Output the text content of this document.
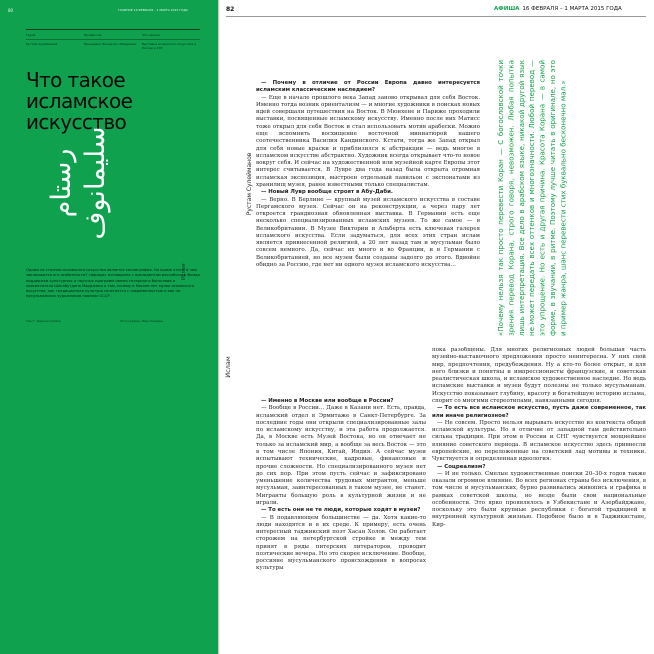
80	ГЛАВНОЕ 16 ФЕВРАЛЯ – 1 МАРТА 2015 ГОДА
Герой	Профессия	Что сделал
Рустам Сулейманов	Президент Фонда им. Марджани	Выставка исламского искусства в России и СНГ
Что такое
исламское
искусство
رستام سليمانوف
Ислам

Одним из столпов исламского искусства является каллиграфия. Но кроме этого, в чем заключаются его особенности? «Афиша» поговорила с президентом российского Фонда поддержки культурных и научных программ имени татарского богослова и просветителя Шигабутдина Марджани о том, почему в Москве нет музея исламского искусства, как традиционная культура сочетается с современностью и как на мусульманских художников повлиял СССР.

Текст: Дарина Грибин	Фотографии: Иван Кайдаш
82	АФИША 16 ФЕВРАЛЯ – 1 МАРТА 2015 ГОДА
Рустам Сулейманов
Ислам

— Почему в отличие от России Европа давно интересуется исламским классическим наследием?

— Еще в начале прошлого века Запад заново открывал для себя Восток. Именно тогда возник ориентализм — и многие художники в поисках новых идей совершали путешествия на Восток. В Мюнхене и Париже проходили выставки, посвященные исламскому искусству. Именно после них Матисс тоже открыл для себя Восток и стал использовать мотив арабески. Можно еще вспомнить восхищение восточной миниатюрой нашего соотечественника Василия Кандинского. Кстати, тогда же Запад открыл для себя новые краски и приблизился к абстракции — ведь многое в исламском искусстве абстрактно. Художник всегда открывает что-то новое вокруг себя. И сейчас на художественной или музейной карте Европы этот интерес считывается. В Лувре два года назад была открыта огромная исламская экспозиция, выстроен отдельный павильон с экспонатами из хранилищ музея, ранее известными только специалистам.

— Новый Лувр вообще строят в Абу-Даби.

— Верно. В Берлине — крупный музей исламского искусства в составе Пергамского музея. Сейчас он на реконструкции, а через пару лет откроется грандиозная обновленная выставка. В Германии есть еще несколько специализированных исламских музеев. То же самое — в Великобритании. В Музее Виктории и Альберта есть ключевая галерея исламского искусства. Если задуматься, для всех этих стран ислам является привнесенной религией, а 20 лет назад там и мусульман было совсем немного. Да, сейчас их много и во Франции, и в Германии с Великобританией, но все музеи были созданы задолго до этого. Вдвойне обидно за Россию, где нет ни одного музея исламского искусства…

— Именно в Москве или вообще в России?

— Вообще в России… Даже в Казани нет. Есть, правда, исламский отдел в Эрмитаже в Санкт-Петербурге. За последние годы они открыли специализированные залы по исламскому искусству, и эта работа продолжается. Да, в Москве есть Музей Востока, но он отвечает не только за исламский мир, а вообще за весь Восток — это в том числе Япония, Китай, Индия. А сейчас музеи испытывают технические, кадровые, финансовые и прочие сложности. Но специализированного музея нет до сих пор. При этом пусть сейчас и зафиксировано уменьшение количества трудовых мигрантов, меньше мусульман, заинтересованных в таком музее, не станет. Мигранты большую роль в культурной жизни и не играли.

— То есть они не те люди, которые ходят в музеи?

— В подавляющем большинстве — да. Хотя какие-то люди находятся и в их среде. К примеру, есть очень интересный таджикский поэт Хасан Холов. Он работает сторожем на петербургской стройке и между тем принят в ряды питерских литераторов, проводит поэтические вечера. Но это скорее исключение. Вообще, россияне мусульманского происхождения в вопросах культуры

пока разобщены. Для многих религиозных людей большая часть музейно-выставочного предложения просто неинтересна. У них свой мир, предпочтения, предубеждения. Ну а кто-то более открыт, и для него близки и понятны и импрессионисты французские, и советская реалистическая школа, и исламское художественное наследие. Но ведь исламские выставки и музеи будут полезны не только мусульманам. Искусство показывает глубину, красоту и богатейшую историю ислама, спорит со многими стереотипами, навязанными сегодня.

— То есть все исламское искусство, пусть даже современное, так или иначе религиозное?

— Не совсем. Просто нельзя вырывать искусство из контекста общей исламской культуры. Но в отличие от западной там действительно сильна традиция. При этом в России и СНГ чувствуется мощнейшее влияние советского периода. В исламское искусство здесь привнесли европейские, но переложенные на советский лад мотивы и техники. Чувствуется и определенная идеология.

— Соцреализм?

— И не только. Смелые художественные поиски 20–30-х годов также оказали огромное влияние. Во всех регионах страны без исключения, в том числе и мусульманских, бурно развивались живопись и графика в рамках советской школы, но везде были свои национальные особенности. Это ярко проявлялось в Узбекистане и Азербайджане, поскольку это были крупные республики с богатой традицией и внутренней культурной жизнью. Подобное было и в Таджикистане, Кир-

«Почему нельзя так просто перевести Коран — С богословской точки зрения перевод Корана, строго говоря, невозможен. Любая попытка лишь интерпретация. Все дело в арабском языке, никакой другой язык не может передать всех оттенков и многозначности. Любой перевод — это упрощение. Но есть и другая причина. Красота Корана — в самой форме, в звучании, в ритме. Поэтому лучше читать в оригинале, но это и пример жанра, шанс перевести стих буквально бесконечно мал.»
